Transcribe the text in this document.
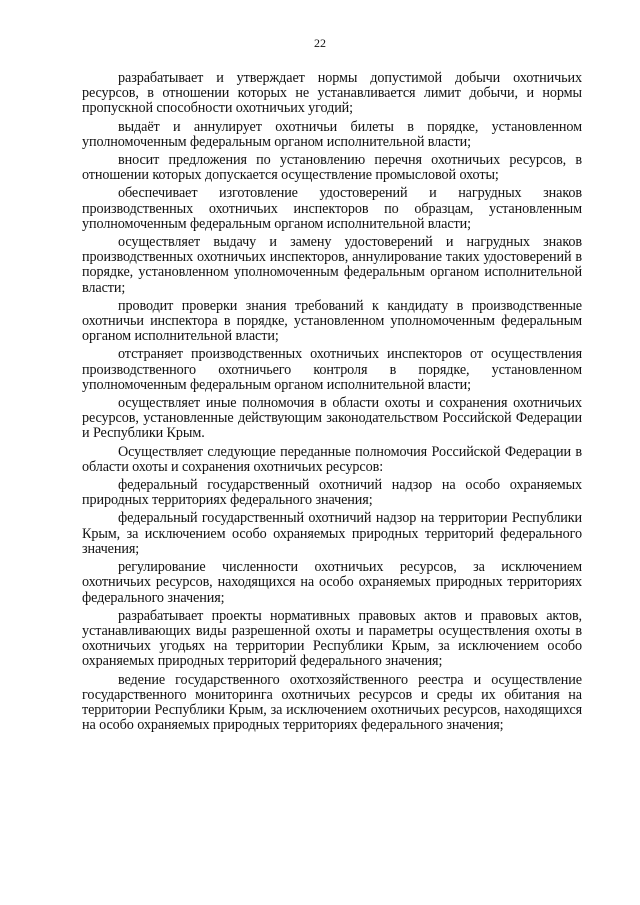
22

разрабатывает и утверждает нормы допустимой добычи охотничьих ресурсов, в отношении которых не устанавливается лимит добычи, и нормы пропускной способности охотничьих угодий;

выдаёт и аннулирует охотничьи билеты в порядке, установленном уполномоченным федеральным органом исполнительной власти;

вносит предложения по установлению перечня охотничьих ресурсов, в отношении которых допускается осуществление промысловой охоты;

обеспечивает изготовление удостоверений и нагрудных знаков производственных охотничьих инспекторов по образцам, установленным уполномоченным федеральным органом исполнительной власти;

осуществляет выдачу и замену удостоверений и нагрудных знаков производственных охотничьих инспекторов, аннулирование таких удостоверений в порядке, установленном уполномоченным федеральным органом исполнительной власти;

проводит проверки знания требований к кандидату в производственные охотничьи инспектора в порядке, установленном уполномоченным федеральным органом исполнительной власти;

отстраняет производственных охотничьих инспекторов от осуществления производственного охотничьего контроля в порядке, установленном уполномоченным федеральным органом исполнительной власти;

осуществляет иные полномочия в области охоты и сохранения охотничьих ресурсов, установленные действующим законодательством Российской Федерации и Республики Крым.

Осуществляет следующие переданные полномочия Российской Федерации в области охоты и сохранения охотничьих ресурсов:

федеральный государственный охотничий надзор на особо охраняемых природных территориях федерального значения;

федеральный государственный охотничий надзор на территории Республики Крым, за исключением особо охраняемых природных территорий федерального значения;

регулирование численности охотничьих ресурсов, за исключением охотничьих ресурсов, находящихся на особо охраняемых природных территориях федерального значения;

разрабатывает проекты нормативных правовых актов и правовых актов, устанавливающих виды разрешенной охоты и параметры осуществления охоты в охотничьих угодьях на территории Республики Крым, за исключением особо охраняемых природных территорий федерального значения;

ведение государственного охотхозяйственного реестра и осуществление государственного мониторинга охотничьих ресурсов и среды их обитания на территории Республики Крым, за исключением охотничьих ресурсов, находящихся на особо охраняемых природных территориях федерального значения;
